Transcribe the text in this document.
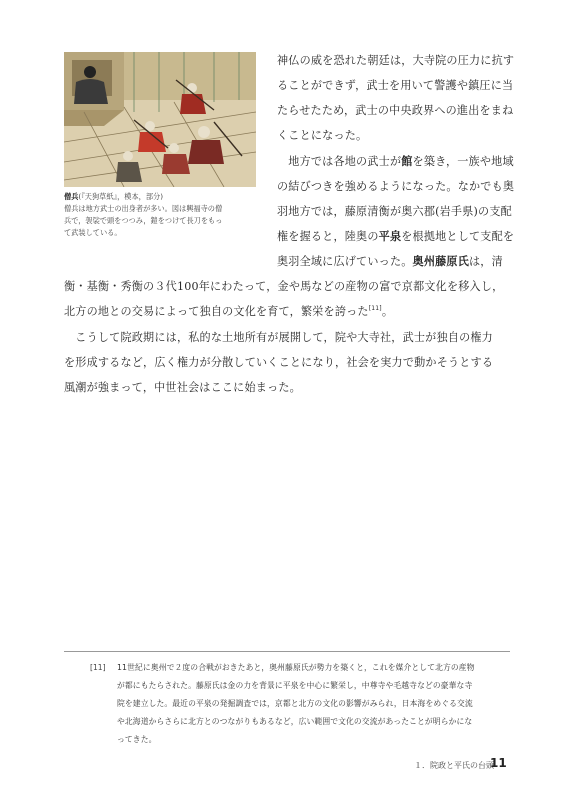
僧兵(『天狗草紙』，模本，部分)
僧兵は地方武士の出身者が多い。図は興福寺の僧
兵で，袈裟で頭をつつみ，鎧をつけて長刀をもっ
て武装している。
神仏の威を恐れた朝廷は，大寺院の圧力に抗す
ることができず，武士を用いて警護や鎮圧に当
たらせたため，武士の中央政界への進出をまね
くことになった。
　地方では各地の武士が館を築き，一族や地域
の結びつきを強めるようになった。なかでも奥
羽地方では，藤原清衡が奥六郡(岩手県)の支配
権を握ると，陸奥の平泉を根拠地として支配を
奥羽全域に広げていった。奥州藤原氏は，清
衡・基衡・秀衡の３代100年にわたって，金や馬などの産物の富で京都文化を移入し，
北方の地との交易によって独自の文化を育て，繁栄を誇った[11]。
　こうして院政期には，私的な土地所有が展開して，院や大寺社，武士が独自の権力
を形成するなど，広く権力が分散していくことになり，社会を実力で動かそうとする
風潮が強まって，中世社会はここに始まった。
[11] 11世紀に奥州で２度の合戦がおきたあと，奥州藤原氏が勢力を築くと，これを媒介として北方の産物
が都にもたらされた。藤原氏は金の力を背景に平泉を中心に繁栄し，中尊寺や毛越寺などの豪華な寺
院を建立した。最近の平泉の発掘調査では，京都と北方の文化の影響がみられ，日本海をめぐる交流
や北海道からさらに北方とのつながりもあるなど，広い範囲で文化の交流があったことが明らかにな
ってきた。
１．院政と平氏の台頭
11
